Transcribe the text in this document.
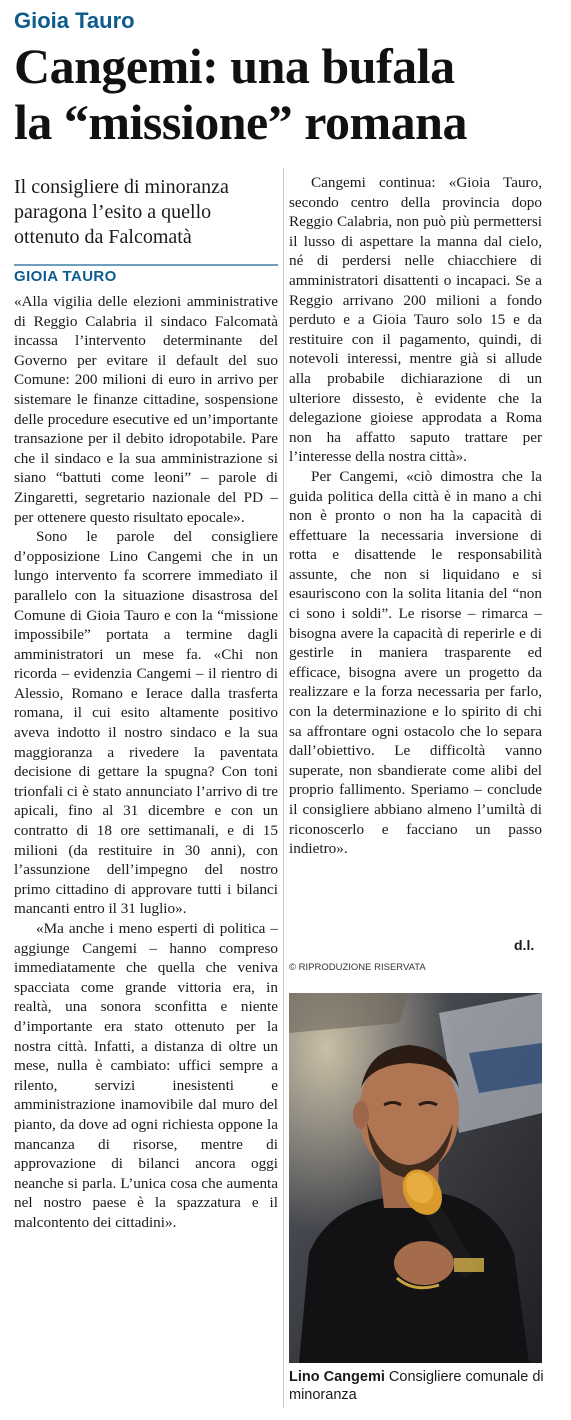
Gioia Tauro
Cangemi: una bufala
la “missione” romana
Il consigliere di minoranza paragona l’esito a quello ottenuto da Falcomatà
GIOIA TAURO

«Alla vigilia delle elezioni amministrative di Reggio Calabria il sindaco Falcomatà incassa l’intervento determinante del Governo per evitare il default del suo Comune: 200 milioni di euro in arrivo per sistemare le finanze cittadine, sospensione delle procedure esecutive ed un’importante transazione per il debito idropotabile. Pare che il sindaco e la sua amministrazione si siano “battuti come leoni” – parole di Zingaretti, segretario nazionale del PD – per ottenere questo risultato epocale».

Sono le parole del consigliere d’opposizione Lino Cangemi che in un lungo intervento fa scorrere immediato il parallelo con la situazione disastrosa del Comune di Gioia Tauro e con la “missione impossibile” portata a termine dagli amministratori un mese fa. «Chi non ricorda – evidenzia Cangemi – il rientro di Alessio, Romano e Ierace dalla trasferta romana, il cui esito altamente positivo aveva indotto il nostro sindaco e la sua maggioranza a rivedere la paventata decisione di gettare la spugna? Con toni trionfali ci è stato annunciato l’arrivo di tre apicali, fino al 31 dicembre e con un contratto di 18 ore settimanali, e di 15 milioni (da restituire in 30 anni), con l’assunzione dell’impegno del nostro primo cittadino di approvare tutti i bilanci mancanti entro il 31 luglio».

«Ma anche i meno esperti di politica – aggiunge Cangemi – hanno compreso immediatamente che quella che veniva spacciata come grande vittoria era, in realtà, una sonora sconfitta e niente d’importante era stato ottenuto per la nostra città. Infatti, a distanza di oltre un mese, nulla è cambiato: uffici sempre a rilento, servizi inesistenti e amministrazione inamovibile dal muro del pianto, da dove ad ogni richiesta oppone la mancanza di risorse, mentre di approvazione di bilanci ancora oggi neanche si parla. L’unica cosa che aumenta nel nostro paese è la spazzatura e il malcontento dei cittadini».

Cangemi continua: «Gioia Tauro, secondo centro della provincia dopo Reggio Calabria, non può più permettersi il lusso di aspettare la manna dal cielo, né di perdersi nelle chiacchiere di amministratori disattenti o incapaci. Se a Reggio arrivano 200 milioni a fondo perduto e a Gioia Tauro solo 15 e da restituire con il pagamento, quindi, di notevoli interessi, mentre già si allude alla probabile dichiarazione di un ulteriore dissesto, è evidente che la delegazione gioiese approdata a Roma non ha affatto saputo trattare per l’interesse della nostra città».

Per Cangemi, «ciò dimostra che la guida politica della città è in mano a chi non è pronto o non ha la capacità di effettuare la necessaria inversione di rotta e disattende le responsabilità assunte, che non si liquidano e si esauriscono con la solita litania del “non ci sono i soldi”. Le risorse – rimarca – bisogna avere la capacità di reperirle e di gestirle in maniera trasparente ed efficace, bisogna avere un progetto da realizzare e la forza necessaria per farlo, con la determinazione e lo spirito di chi sa affrontare ogni ostacolo che lo separa dall’obiettivo. Le difficoltà vanno superate, non sbandierate come alibi del proprio fallimento. Speriamo – conclude il consigliere abbiano almeno l’umiltà di riconoscerlo e facciano un passo indietro».

d.l.
© RIPRODUZIONE RISERVATA
Lino Cangemi Consigliere comunale di minoranza
